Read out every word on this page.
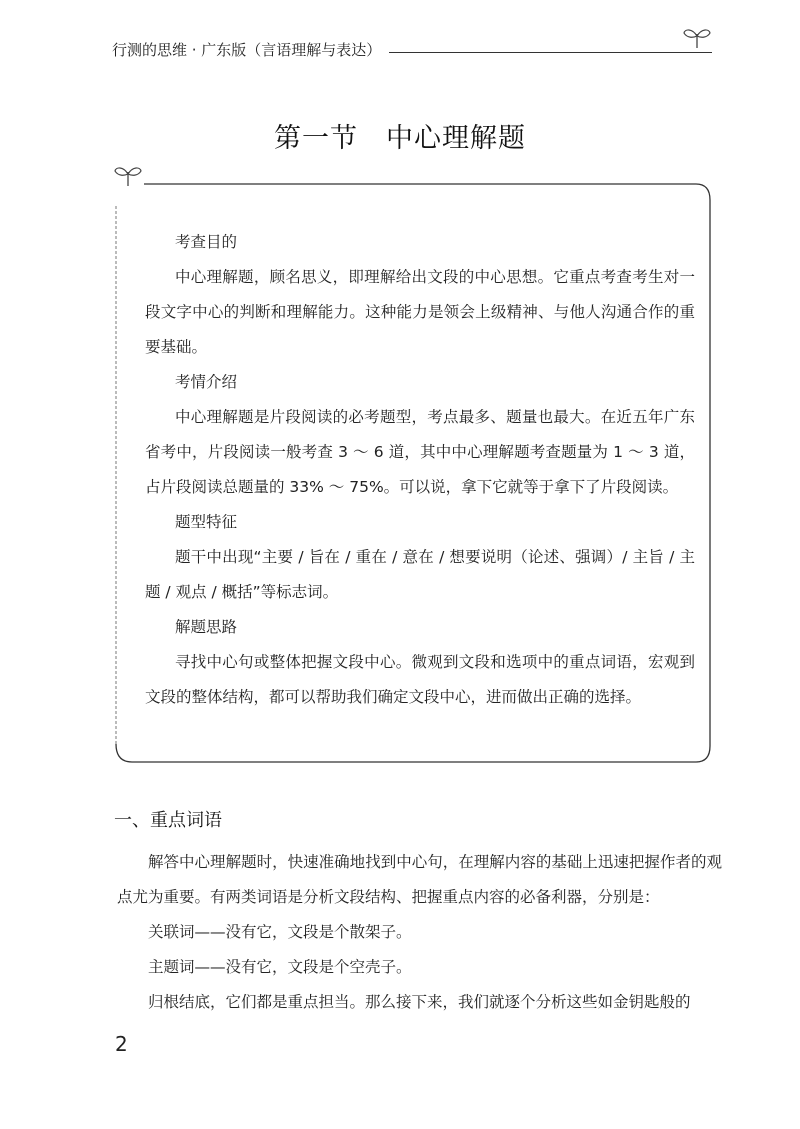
行测的思维 · 广东版（言语理解与表达）
第一节　中心理解题
考查目的

中心理解题，顾名思义，即理解给出文段的中心思想。它重点考查考生对一段文字中心的判断和理解能力。这种能力是领会上级精神、与他人沟通合作的重要基础。

考情介绍

中心理解题是片段阅读的必考题型，考点最多、题量也最大。在近五年广东省考中，片段阅读一般考查 3 ～ 6 道，其中中心理解题考查题量为 1 ～ 3 道，占片段阅读总题量的 33% ～ 75%。可以说，拿下它就等于拿下了片段阅读。

题型特征

题干中出现“主要 / 旨在 / 重在 / 意在 / 想要说明（论述、强调）/ 主旨 / 主题 / 观点 / 概括”等标志词。

解题思路

寻找中心句或整体把握文段中心。微观到文段和选项中的重点词语，宏观到文段的整体结构，都可以帮助我们确定文段中心，进而做出正确的选择。

一、重点词语

解答中心理解题时，快速准确地找到中心句，在理解内容的基础上迅速把握作者的观点尤为重要。有两类词语是分析文段结构、把握重点内容的必备利器，分别是：

关联词——没有它，文段是个散架子。

主题词——没有它，文段是个空壳子。

归根结底，它们都是重点担当。那么接下来，我们就逐个分析这些如金钥匙般的

2
